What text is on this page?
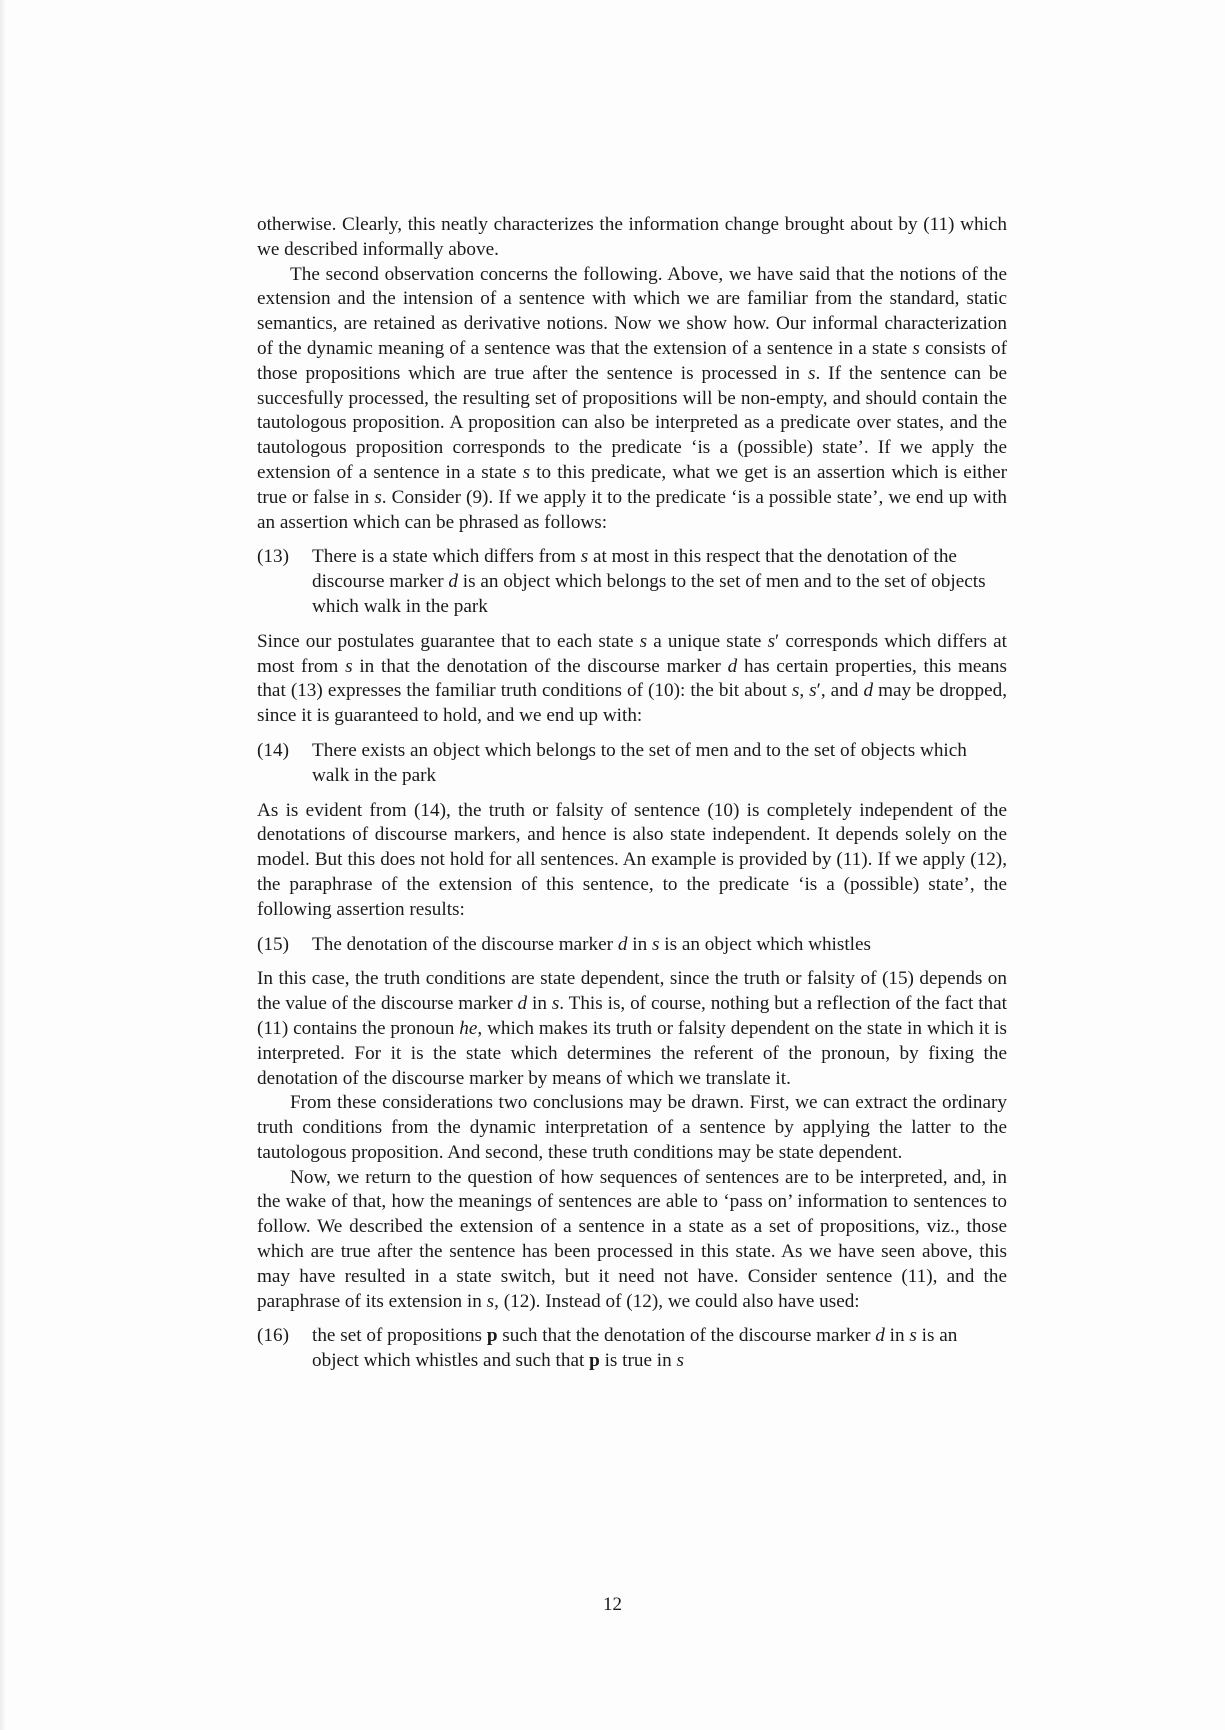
otherwise. Clearly, this neatly characterizes the information change brought about by (11) which we described informally above.

The second observation concerns the following. Above, we have said that the notions of the extension and the intension of a sentence with which we are familiar from the standard, static semantics, are retained as derivative notions. Now we show how. Our informal characterization of the dynamic meaning of a sentence was that the extension of a sentence in a state s consists of those propositions which are true after the sentence is processed in s. If the sentence can be succesfully processed, the resulting set of propositions will be non-empty, and should contain the tautologous proposition. A proposition can also be interpreted as a predicate over states, and the tautologous proposition corresponds to the predicate ‘is a (possible) state’. If we apply the extension of a sentence in a state s to this predicate, what we get is an assertion which is either true or false in s. Consider (9). If we apply it to the predicate ‘is a possible state’, we end up with an assertion which can be phrased as follows:

(13)	There is a state which differs from s at most in this respect that the denotation of the discourse marker d is an object which belongs to the set of men and to the set of objects which walk in the park

Since our postulates guarantee that to each state s a unique state s′ corresponds which differs at most from s in that the denotation of the discourse marker d has certain properties, this means that (13) expresses the familiar truth conditions of (10): the bit about s, s′, and d may be dropped, since it is guaranteed to hold, and we end up with:

(14)	There exists an object which belongs to the set of men and to the set of objects which walk in the park

As is evident from (14), the truth or falsity of sentence (10) is completely independent of the denotations of discourse markers, and hence is also state independent. It depends solely on the model. But this does not hold for all sentences. An example is provided by (11). If we apply (12), the paraphrase of the extension of this sentence, to the predicate ‘is a (possible) state’, the following assertion results:

(15)	The denotation of the discourse marker d in s is an object which whistles

In this case, the truth conditions are state dependent, since the truth or falsity of (15) depends on the value of the discourse marker d in s. This is, of course, nothing but a reflection of the fact that (11) contains the pronoun he, which makes its truth or falsity dependent on the state in which it is interpreted. For it is the state which determines the referent of the pronoun, by fixing the denotation of the discourse marker by means of which we translate it.

From these considerations two conclusions may be drawn. First, we can extract the ordinary truth conditions from the dynamic interpretation of a sentence by applying the latter to the tautologous proposition. And second, these truth conditions may be state dependent.

Now, we return to the question of how sequences of sentences are to be interpreted, and, in the wake of that, how the meanings of sentences are able to ‘pass on’ information to sentences to follow. We described the extension of a sentence in a state as a set of propositions, viz., those which are true after the sentence has been processed in this state. As we have seen above, this may have resulted in a state switch, but it need not have. Consider sentence (11), and the paraphrase of its extension in s, (12). Instead of (12), we could also have used:

(16)	the set of propositions p such that the denotation of the discourse marker d in s is an object which whistles and such that p is true in s
12
